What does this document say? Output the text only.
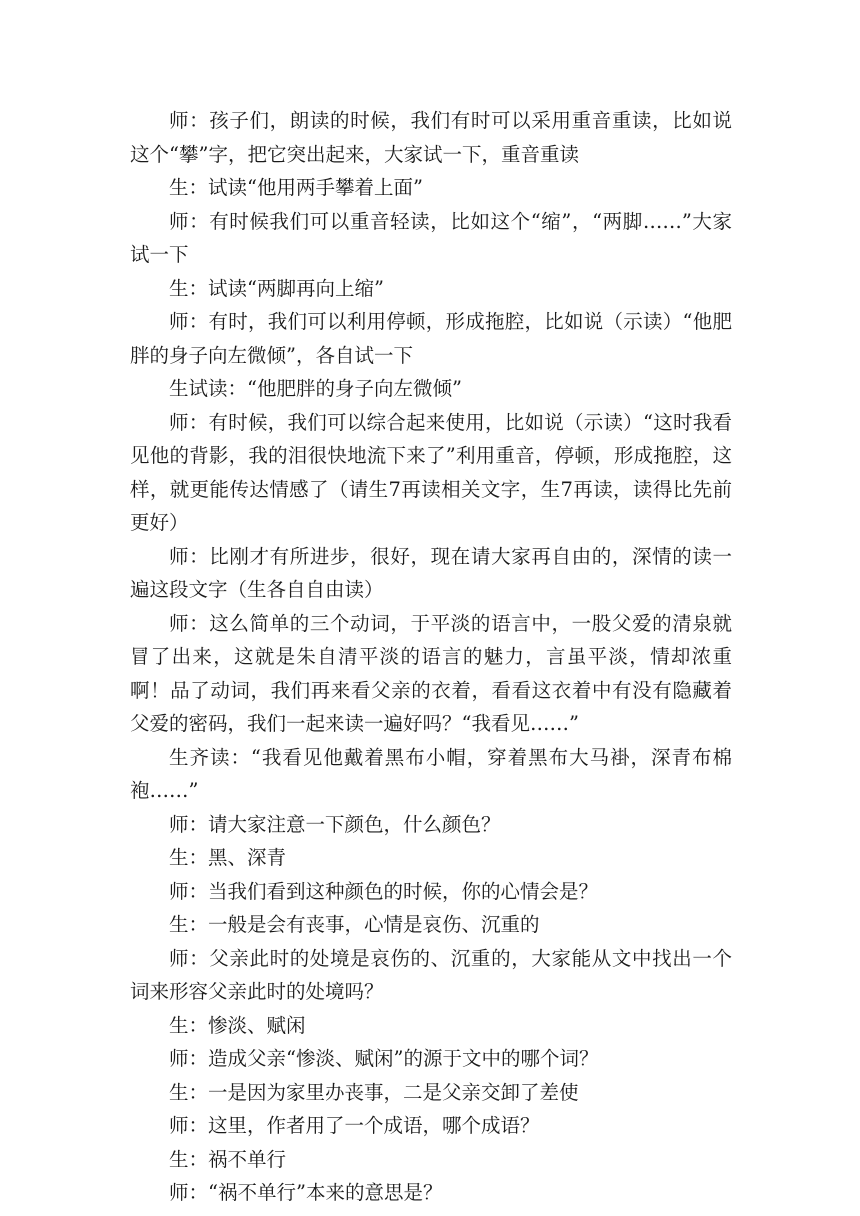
师：孩子们，朗读的时候，我们有时可以采用重音重读，比如说这个“攀”字，把它突出起来，大家试一下，重音重读

生：试读“他用两手攀着上面”

师：有时候我们可以重音轻读，比如这个“缩”，“两脚……”大家试一下

生：试读“两脚再向上缩”

师：有时，我们可以利用停顿，形成拖腔，比如说（示读）“他肥胖的身子向左微倾”，各自试一下

生试读：“他肥胖的身子向左微倾”

师：有时候，我们可以综合起来使用，比如说（示读）“这时我看见他的背影，我的泪很快地流下来了”利用重音，停顿，形成拖腔，这样，就更能传达情感了（请生7再读相关文字，生7再读，读得比先前更好）

师：比刚才有所进步，很好，现在请大家再自由的，深情的读一遍这段文字（生各自自由读）

师：这么简单的三个动词，于平淡的语言中，一股父爱的清泉就冒了出来，这就是朱自清平淡的语言的魅力，言虽平淡，情却浓重啊！品了动词，我们再来看父亲的衣着，看看这衣着中有没有隐藏着父爱的密码，我们一起来读一遍好吗？“我看见……”

生齐读：“我看见他戴着黑布小帽，穿着黑布大马褂，深青布棉袍……”

师：请大家注意一下颜色，什么颜色？

生：黑、深青

师：当我们看到这种颜色的时候，你的心情会是？

生：一般是会有丧事，心情是哀伤、沉重的

师：父亲此时的处境是哀伤的、沉重的，大家能从文中找出一个词来形容父亲此时的处境吗？

生：惨淡、赋闲

师：造成父亲“惨淡、赋闲”的源于文中的哪个词？

生：一是因为家里办丧事，二是父亲交卸了差使

师：这里，作者用了一个成语，哪个成语？

生：祸不单行

师：“祸不单行”本来的意思是？
